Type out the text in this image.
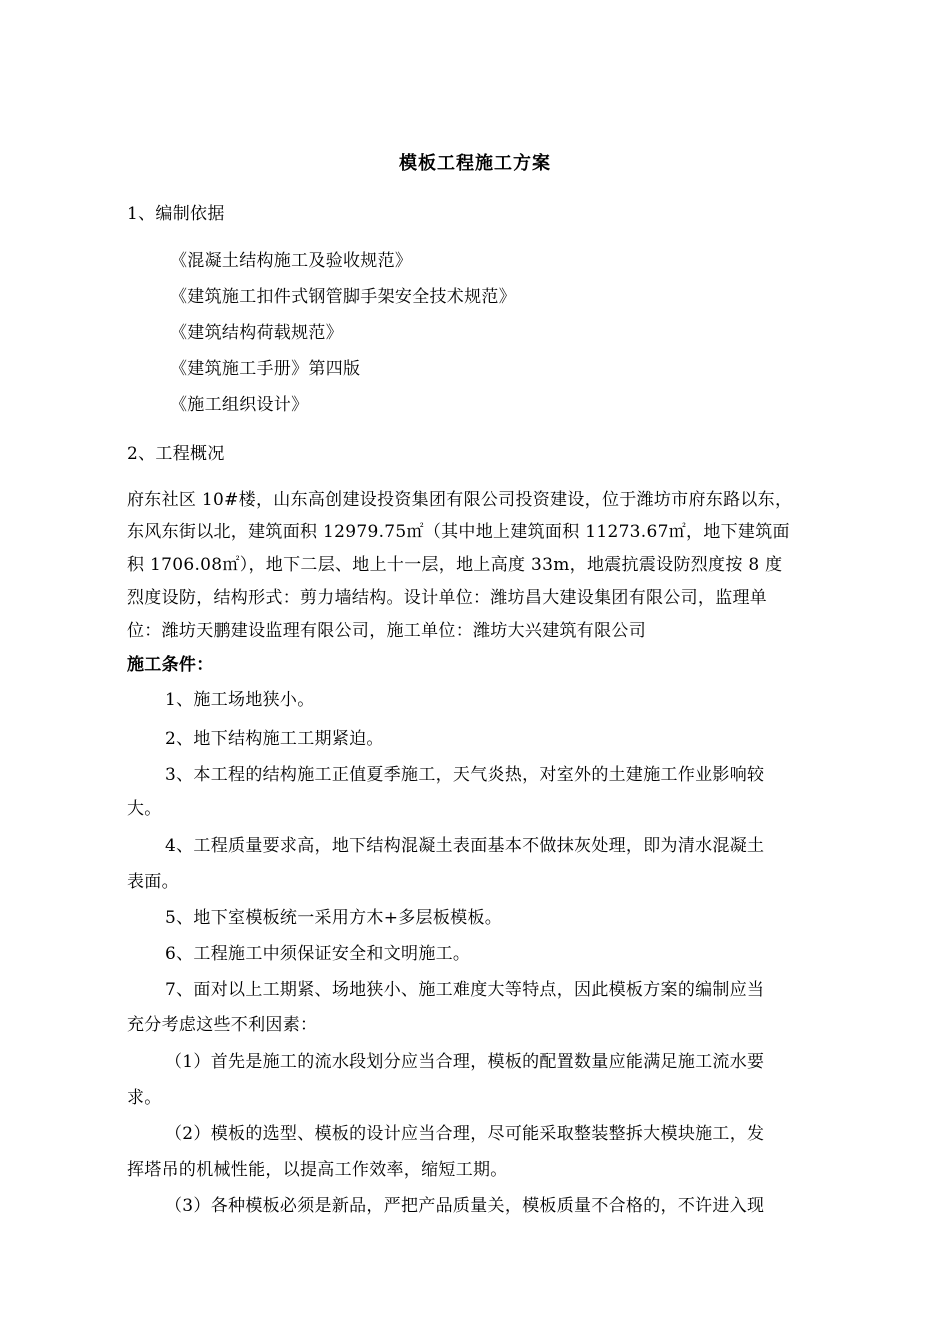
模板工程施工方案
1、编制依据
《混凝土结构施工及验收规范》
《建筑施工扣件式钢管脚手架安全技术规范》
《建筑结构荷载规范》
《建筑施工手册》第四版
《施工组织设计》
2、工程概况
府东社区 10#楼，山东高创建设投资集团有限公司投资建设，位于潍坊市府东路以东，
东风东街以北，建筑面积 12979.75㎡（其中地上建筑面积 11273.67㎡，地下建筑面
积 1706.08㎡），地下二层、地上十一层，地上高度 33m，地震抗震设防烈度按 8 度
烈度设防，结构形式：剪力墙结构。设计单位：潍坊昌大建设集团有限公司，监理单
位：潍坊天鹏建设监理有限公司，施工单位：潍坊大兴建筑有限公司
施工条件：
1、施工场地狭小。
2、地下结构施工工期紧迫。
3、本工程的结构施工正值夏季施工，天气炎热，对室外的土建施工作业影响较
大。
4、工程质量要求高，地下结构混凝土表面基本不做抹灰处理，即为清水混凝土
表面。
5、地下室模板统一采用方木+多层板模板。
6、工程施工中须保证安全和文明施工。
7、面对以上工期紧、场地狭小、施工难度大等特点，因此模板方案的编制应当
充分考虑这些不利因素：
（1）首先是施工的流水段划分应当合理，模板的配置数量应能满足施工流水要
求。
（2）模板的选型、模板的设计应当合理，尽可能采取整装整拆大模块施工，发
挥塔吊的机械性能，以提高工作效率，缩短工期。
（3）各种模板必须是新品，严把产品质量关，模板质量不合格的，不许进入现
